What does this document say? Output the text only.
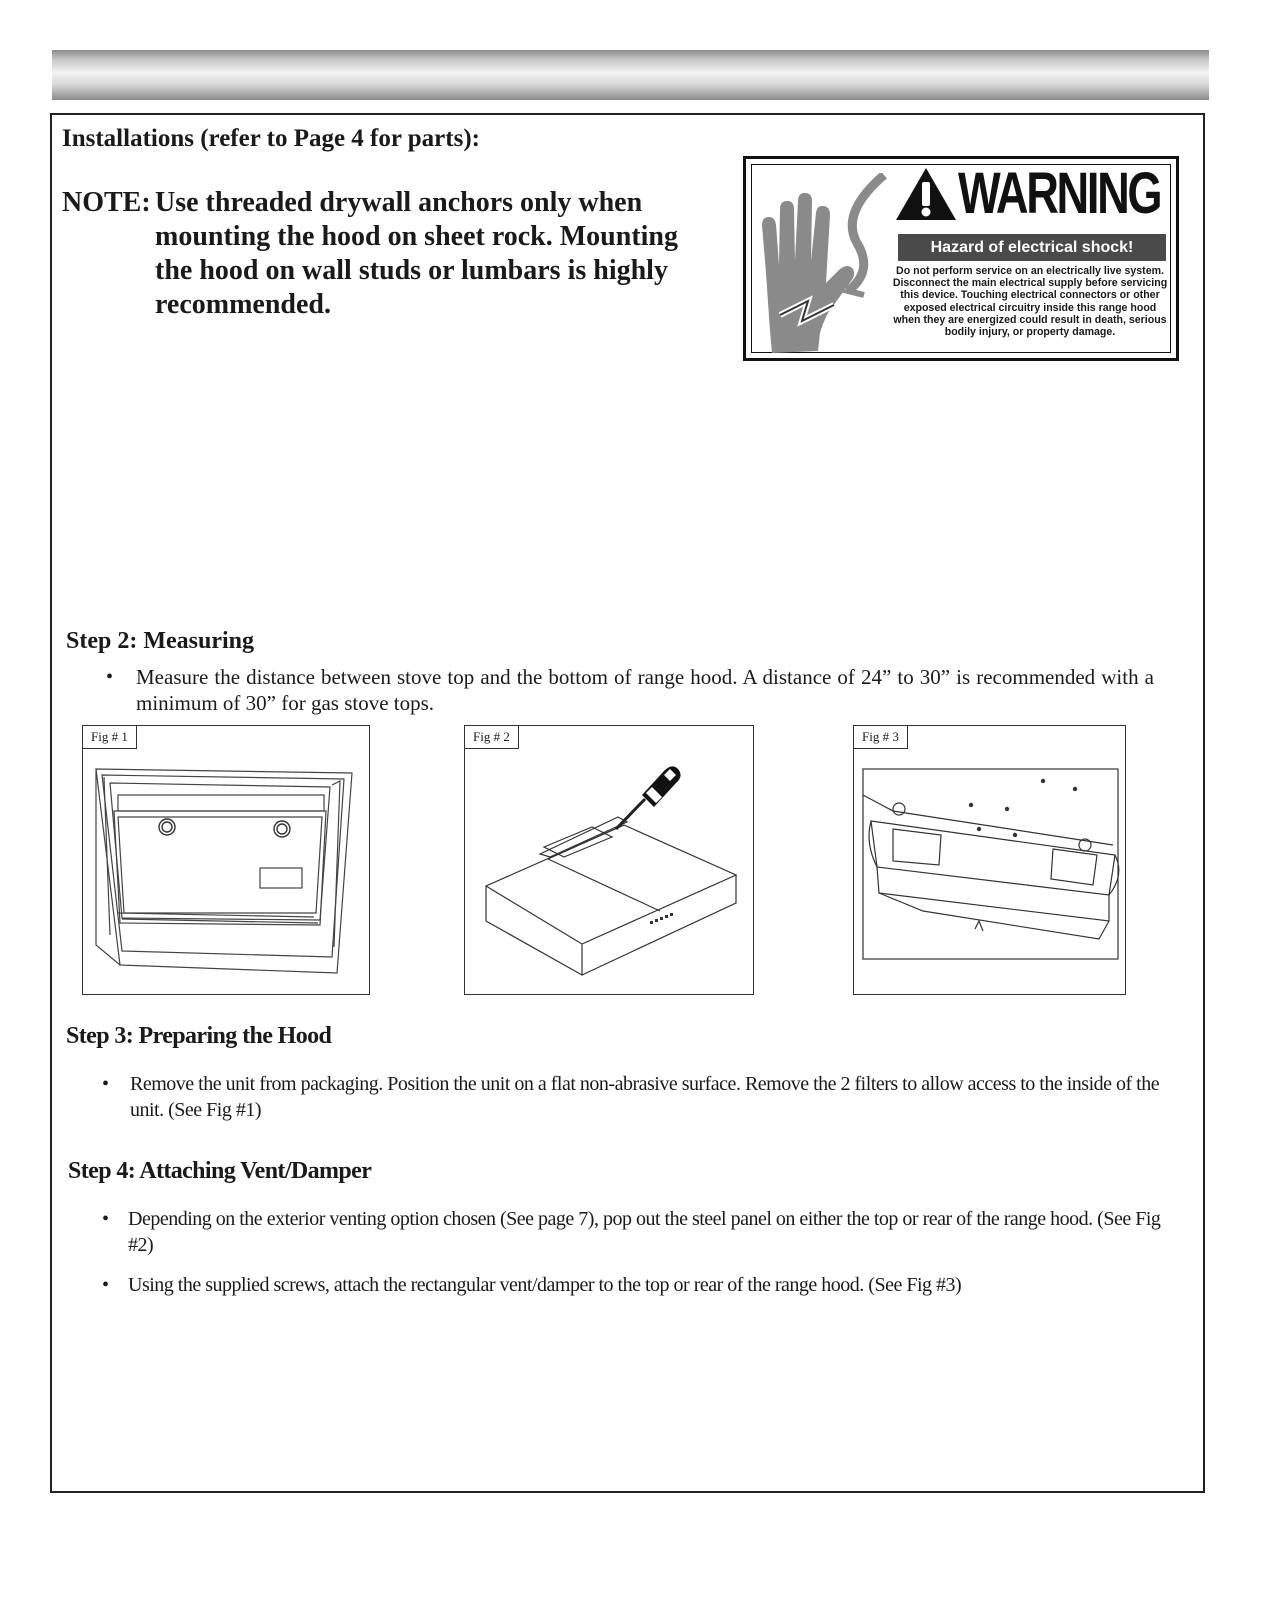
Installations (refer to Page 4 for parts):
NOTE: Use threaded drywall anchors only when
mounting the hood on sheet rock. Mounting
the hood on wall studs or lumbars is highly
recommended.
WARNING
Hazard of electrical shock!
Do not perform service on an electrically live system. Disconnect the main electrical supply before servicing this device. Touching electrical connectors or other exposed electrical circuitry inside this range hood when they are energized could result in death, serious bodily injury, or property damage.
Step 2: Measuring
• Measure the distance between stove top and the bottom of range hood. A distance of 24” to 30” is recommended with a minimum of 30” for gas stove tops.
Fig # 1	Fig # 2	Fig # 3
Step 3: Preparing the Hood
• Remove the unit from packaging. Position the unit on a flat non-abrasive surface. Remove the 2 filters to allow access to the inside of the unit. (See Fig #1)
Step 4: Attaching Vent/Damper
• Depending on the exterior venting option chosen (See page 7), pop out the steel panel on either the top or rear of the range hood. (See Fig #2)
• Using the supplied screws, attach the rectangular vent/damper to the top or rear of the range hood. (See Fig #3)
